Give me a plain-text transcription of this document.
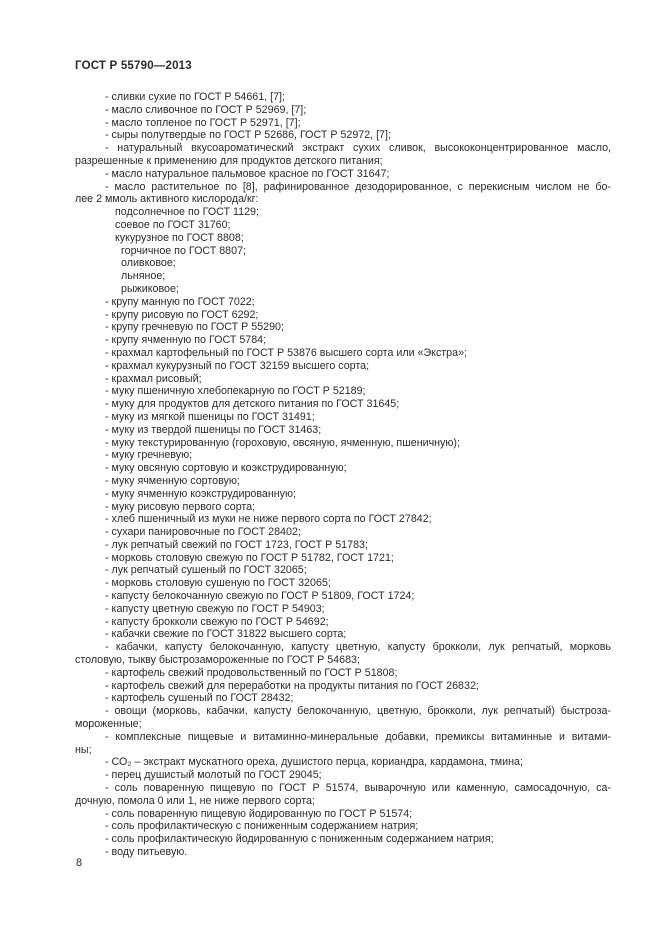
ГОСТ Р 55790—2013
- сливки сухие по ГОСТ Р 54661, [7];
- масло сливочное по ГОСТ Р 52969, [7];
- масло топленое по ГОСТ Р 52971, [7];
- сыры полутвердые по ГОСТ Р 52686, ГОСТ Р 52972, [7];
- натуральный вкусоароматический экстракт сухих сливок, высококонцентрированное масло,
разрешенные к применению для продуктов детского питания;
- масло натуральное пальмовое красное по ГОСТ 31647;
- масло растительное по [8], рафинированное дезодорированное, с перекисным числом не бо-
лее 2 ммоль активного кислорода/кг:
подсолнечное по ГОСТ 1129;
соевое по ГОСТ 31760;
кукурузное по ГОСТ 8808;
горчичное по ГОСТ 8807;
оливковое;
льняное;
рыжиковое;
- крупу манную по ГОСТ 7022;
- крупу рисовую по ГОСТ 6292;
- крупу гречневую по ГОСТ Р 55290;
- крупу ячменную по ГОСТ 5784;
- крахмал картофельный по ГОСТ Р 53876 высшего сорта или «Экстра»;
- крахмал кукурузный по ГОСТ 32159 высшего сорта;
- крахмал рисовый;
- муку пшеничную хлебопекарную по ГОСТ Р 52189;
- муку для продуктов для детского питания по ГОСТ 31645;
- муку из мягкой пшеницы по ГОСТ 31491;
- муку из твердой пшеницы по ГОСТ 31463;
- муку текстурированную (гороховую, овсяную, ячменную, пшеничную);
- муку гречневую;
- муку овсяную сортовую и коэкструдированную;
- муку ячменную сортовую;
- муку ячменную коэкструдированную;
- муку рисовую первого сорта;
- хлеб пшеничный из муки не ниже первого сорта по ГОСТ 27842;
- сухари панировочные по ГОСТ 28402;
- лук репчатый свежий по ГОСТ 1723, ГОСТ Р 51783;
- морковь столовую свежую по ГОСТ Р 51782, ГОСТ 1721;
- лук репчатый сушеный по ГОСТ 32065;
- морковь столовую сушеную по ГОСТ 32065;
- капусту белокочанную свежую по ГОСТ Р 51809, ГОСТ 1724;
- капусту цветную свежую по ГОСТ Р 54903;
- капусту брокколи свежую по ГОСТ Р 54692;
- кабачки свежие по ГОСТ 31822 высшего сорта;
- кабачки, капусту белокочанную, капусту цветную, капусту брокколи, лук репчатый, морковь
столовую, тыкву быстрозамороженные по ГОСТ Р 54683;
- картофель свежий продовольственный по ГОСТ Р 51808;
- картофель свежий для переработки на продукты питания по ГОСТ 26832;
- картофель сушеный по ГОСТ 28432;
- овощи (морковь, кабачки, капусту белокочанную, цветную, брокколи, лук репчатый) быстроза-
мороженные;
- комплексные пищевые и витаминно-минеральные добавки, премиксы витаминные и витами-
ны;
- СО₂ – экстракт мускатного ореха, душистого перца, кориандра, кардамона, тмина;
- перец душистый молотый по ГОСТ 29045;
- соль поваренную пищевую по ГОСТ Р 51574, выварочную или каменную, самосадочную, са-
дочную, помола 0 или 1, не ниже первого сорта;
- соль поваренную пищевую йодированную по ГОСТ Р 51574;
- соль профилактическую с пониженным содержанием натрия;
- соль профилактическую йодированную с пониженным содержанием натрия;
- воду питьевую.
8
